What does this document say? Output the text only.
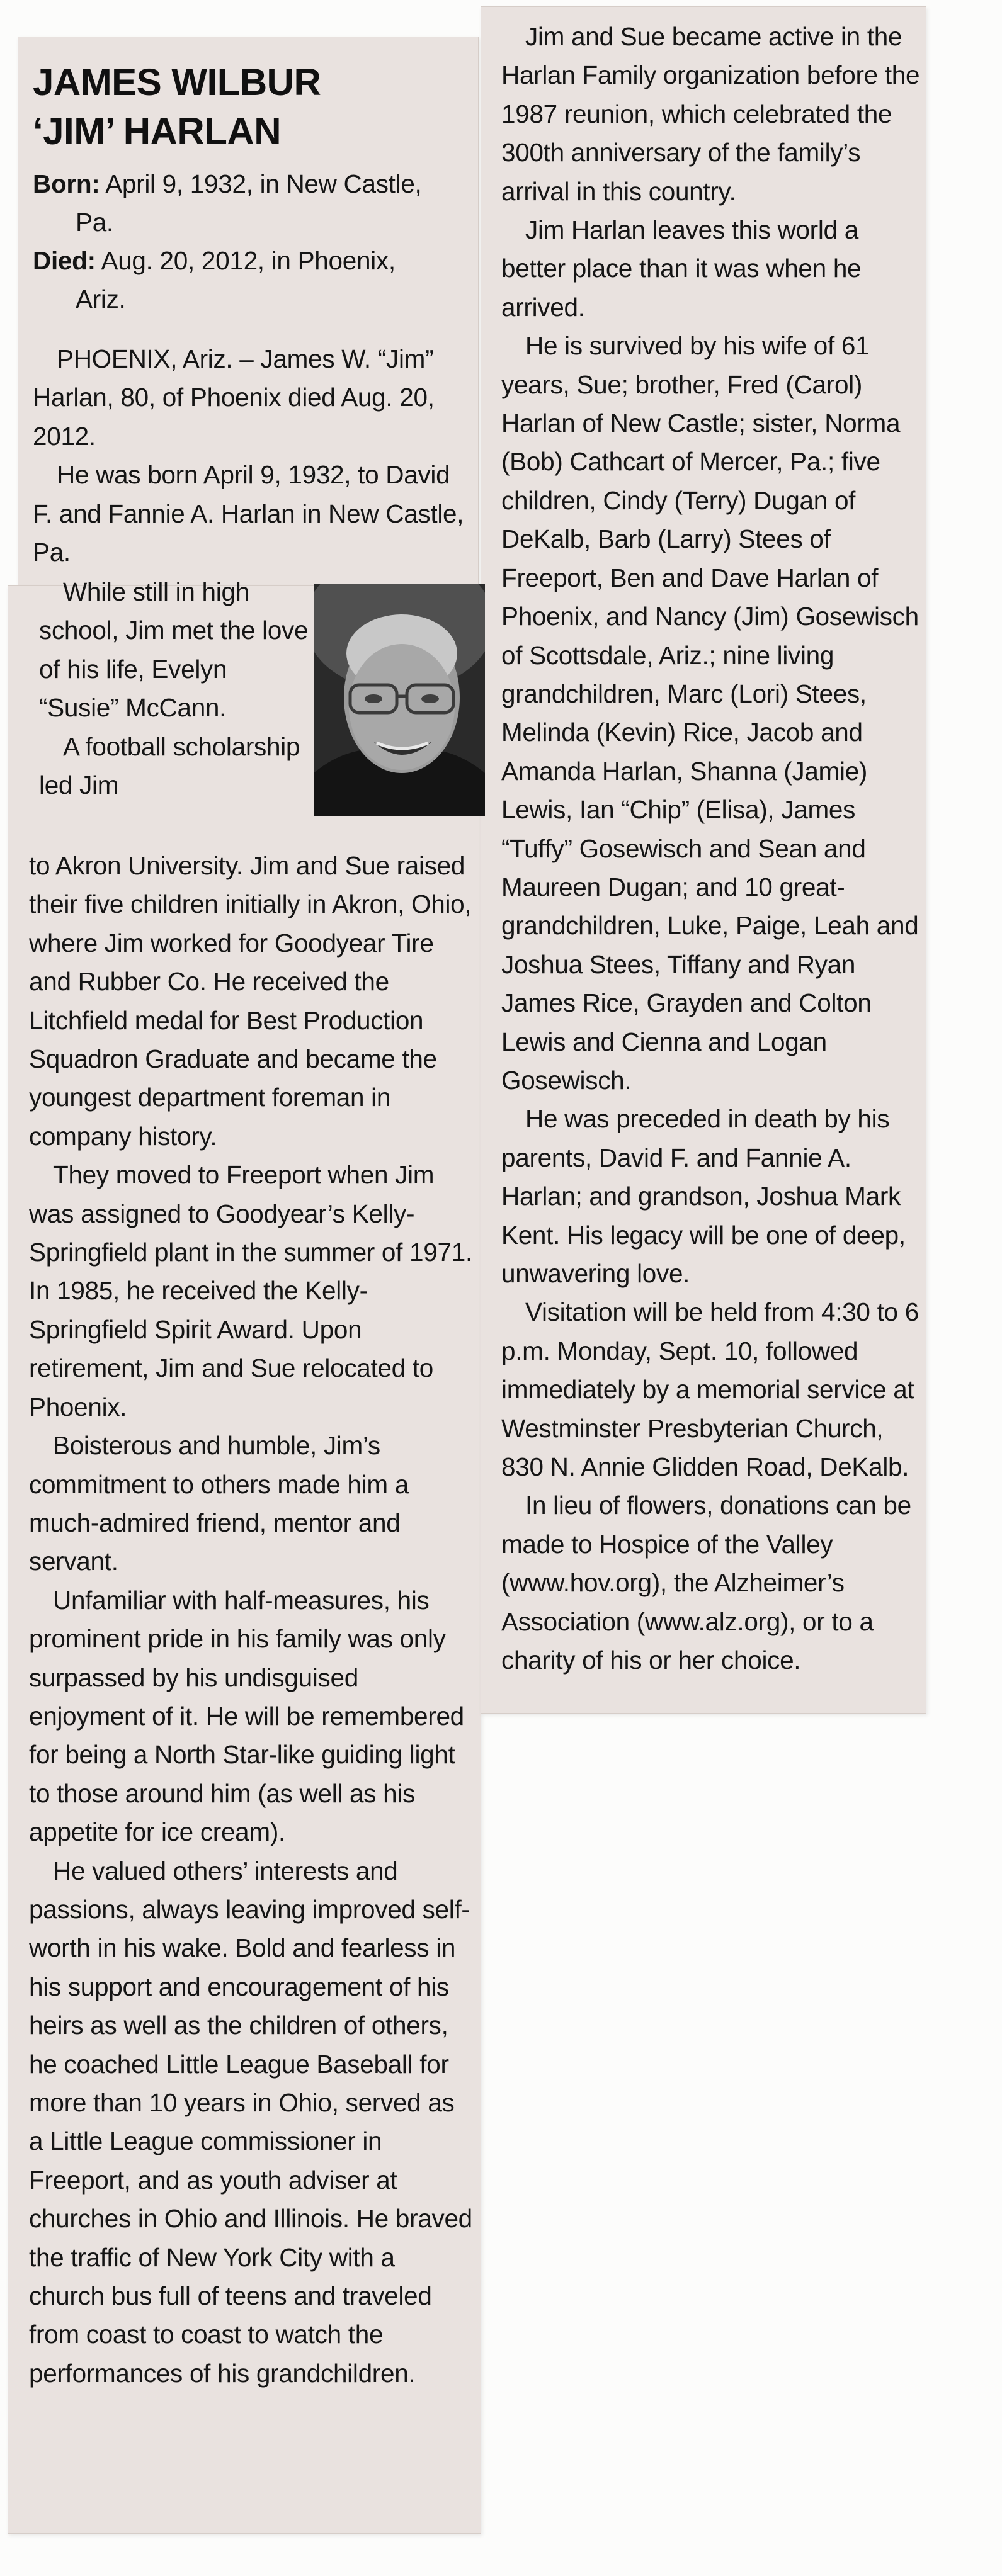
JAMES WILBUR
‘JIM’ HARLAN
Born: April 9, 1932, in New Castle,
Pa.
Died: Aug. 20, 2012, in Phoenix,
Ariz.

PHOENIX, Ariz. – James W. “Jim” Harlan, 80, of Phoenix died Aug. 20, 2012.

He was born April 9, 1932, to David F. and Fannie A. Harlan in New Castle, Pa.

While still in high school, Jim met the love of his life, Evelyn “Susie” McCann.

A football scholarship led Jim

to Akron University. Jim and Sue raised their five children initially in Akron, Ohio, where Jim worked for Goodyear Tire and Rubber Co. He received the Litchfield medal for Best Production Squadron Graduate and became the youngest department foreman in company history.

They moved to Freeport when Jim was assigned to Goodyear’s Kelly-Springfield plant in the summer of 1971. In 1985, he received the Kelly-Springfield Spirit Award. Upon retirement, Jim and Sue relocated to Phoenix.

Boisterous and humble, Jim’s commitment to others made him a much-admired friend, mentor and servant.

Unfamiliar with half-measures, his prominent pride in his family was only surpassed by his undisguised enjoyment of it. He will be remembered for being a North Star-like guiding light to those around him (as well as his appetite for ice cream).

He valued others’ interests and passions, always leaving improved self-worth in his wake. Bold and fearless in his support and encouragement of his heirs as well as the children of others, he coached Little League Baseball for more than 10 years in Ohio, served as a Little League commissioner in Freeport, and as youth adviser at churches in Ohio and Illinois. He braved the traffic of New York City with a church bus full of teens and traveled from coast to coast to watch the performances of his grandchildren.

Jim and Sue became active in the Harlan Family organization before the 1987 reunion, which celebrated the 300th anniversary of the family’s arrival in this country.

Jim Harlan leaves this world a better place than it was when he arrived.

He is survived by his wife of 61 years, Sue; brother, Fred (Carol) Harlan of New Castle; sister, Norma (Bob) Cathcart of Mercer, Pa.; five children, Cindy (Terry) Dugan of DeKalb, Barb (Larry) Stees of Freeport, Ben and Dave Harlan of Phoenix, and Nancy (Jim) Gosewisch of Scottsdale, Ariz.; nine living grandchildren, Marc (Lori) Stees, Melinda (Kevin) Rice, Jacob and Amanda Harlan, Shanna (Jamie) Lewis, Ian “Chip” (Elisa), James “Tuffy” Gosewisch and Sean and Maureen Dugan; and 10 great-grandchildren, Luke, Paige, Leah and Joshua Stees, Tiffany and Ryan James Rice, Grayden and Colton Lewis and Cienna and Logan Gosewisch.

He was preceded in death by his parents, David F. and Fannie A. Harlan; and grandson, Joshua Mark Kent. His legacy will be one of deep, unwavering love.

Visitation will be held from 4:30 to 6 p.m. Monday, Sept. 10, followed immediately by a memorial service at Westminster Presbyterian Church, 830 N. Annie Glidden Road, DeKalb.

In lieu of flowers, donations can be made to Hospice of the Valley (www.hov.org), the Alzheimer’s Association (www.alz.org), or to a charity of his or her choice.
